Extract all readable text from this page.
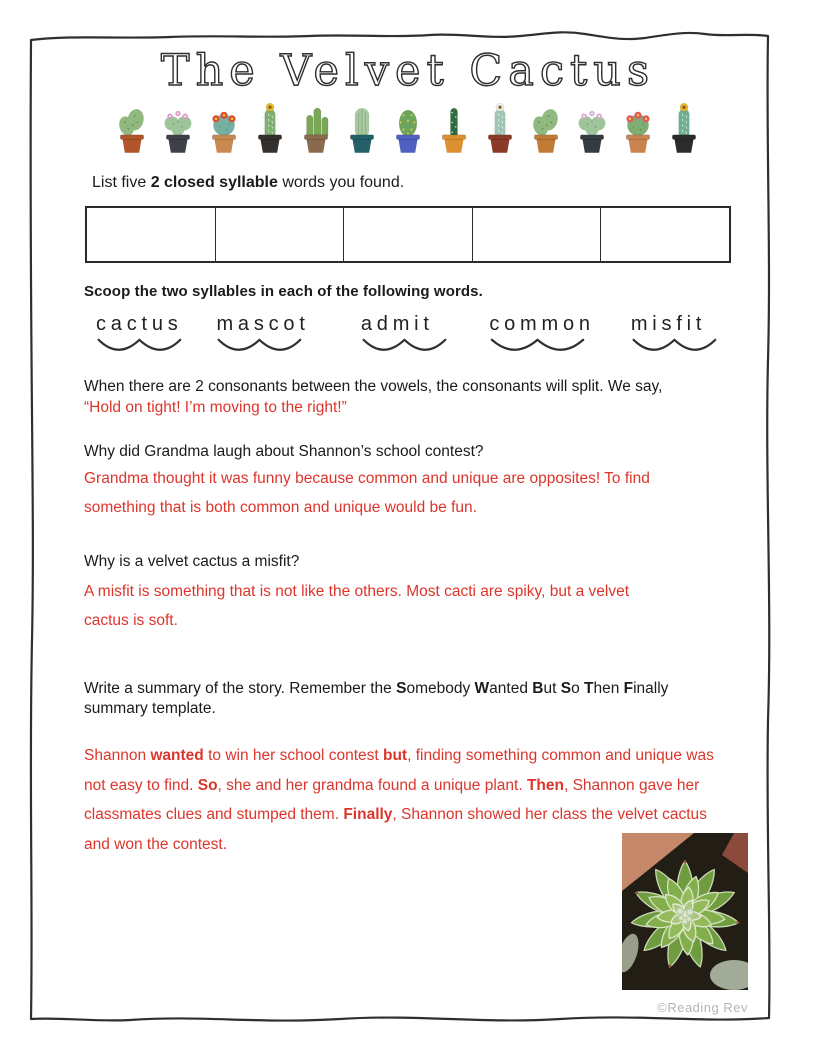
The Velvet Cactus
List five 2 closed syllable words you found.
Scoop the two syllables in each of the following words.
cactus	mascot	admit	common misfit
When there are 2 consonants between the vowels, the consonants will split. We say,
“Hold on tight! I’m moving to the right!”
Why did Grandma laugh about Shannon’s school contest?
Grandma thought it was funny because common and unique are opposites! To find something that is both common and unique would be fun.
Why is a velvet cactus a misfit?
A misfit is something that is not like the others. Most cacti are spiky, but a velvet cactus is soft.
Write a summary of the story. Remember the Somebody Wanted But So Then Finally summary template.
Shannon wanted to win her school contest but, finding something common and unique was not easy to find. So, she and her grandma found a unique plant. Then, Shannon gave her classmates clues and stumped them. Finally, Shannon showed her class the velvet cactus and won the contest.
©Reading Rev
